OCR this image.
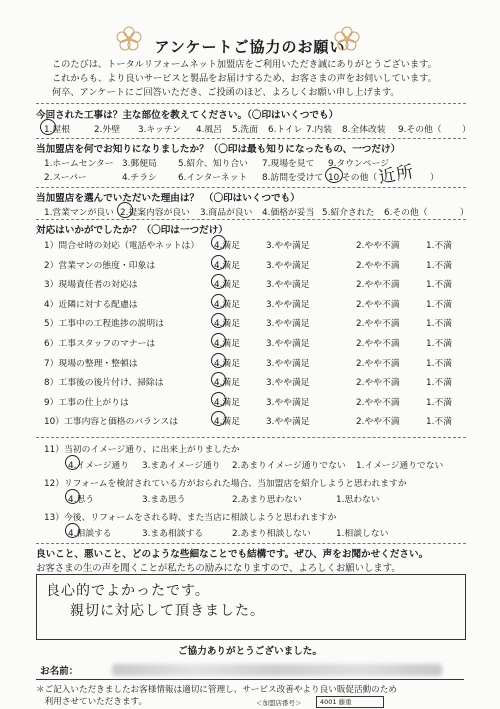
アンケートご協力のお願い
このたびは、トータルリフォームネット加盟店をご利用いただき誠にありがとうございます。
これからも、より良いサービスと製品をお届けするため、お客さまの声をお伺いしています。
何卒、アンケートにご回答いただき、ご投函のほど、よろしくお願い申し上げます。
今回された工事は？主な部位を教えてください。（〇印はいくつでも）
1.屋根	2.外壁 3.キッチン 4.風呂 5.洗面 6.トイレ 7.内装 8.全体改装 9.その他（ ）
当加盟店を何でお知りになりましたか？（〇印は最も知りになったもの、一つだけ）
1.ホームセンター 3.郵便局 5.紹介、知り合い 7.現場を見て 9.タウンページ
2.スーパー	4.チラシ 6.インターネット 8.訪問を受けて 10.その他（ 近所 ）
当加盟店を選んでいただいた理由は？　（〇印はいくつでも）
1.営業マンが良い 2.提案内容が良い 3.商品が良い 4.価格が妥当 5.紹介された 6.その他（	）
対応はいかがでしたか？（〇印は一つだけ）
11）当初のイメージ通り、に出来上がりましたか
4.イメージ通り 3.まあイメージ通り 2.あまりイメージ通りでない 1.イメージ通りでない
12）リフォームを検討されている方がおられた場合、当加盟店を紹介しようと思われますか
4.思う	3.まあ思う	2.あまり思わない	1.思わない
13）今後、リフォームをされる時、また当店に相談しようと思われますか
4.相談する	3.まあ相談する	2.あまり相談しない	1.相談しない
良いこと、悪いこと、どのような些細なことでも結構です。ぜひ、声をお聞かせください。
お客さまの生の声を聞くことが私たちの励みになりますので、よろしくお願いします。
良心的でよかったです。
親切に対応して頂きました。
ご協力ありがとうございました。
お名前：
＊ご記入いただきましたお客様情報は適切に管理し、サービス改善やより良い販促活動のため
　利用させていただきます。	＜加盟店番号＞	4001 藤重
1）問合せ時の対応（電話やネットは） 4.満足	3.やや満足	2.やや不満	1.不満
2）営業マンの態度・印象は	4.満足	3.やや満足	2.やや不満	1.不満
3）現場責任者の対応は	4.満足	3.やや満足	2.やや不満	1.不満
4）近隣に対する配慮は	4.満足	3.やや満足	2.やや不満	1.不満
5）工事中の工程進捗の説明は	4.満足	3.やや満足	2.やや不満	1.不満
6）工事スタッフのマナーは	4.満足	3.やや満足	2.やや不満	1.不満
7）現場の整理・整頓は	4.満足	3.やや満足	2.やや不満	1.不満
8）工事後の後片付け、掃除は	4.満足	3.やや満足	2.やや不満	1.不満
9）工事の仕上がりは	4.満足	3.やや満足	2.やや不満	1.不満
10）工事内容と価格のバランスは	4.満足	3.やや満足	2.やや不満	1.不満
